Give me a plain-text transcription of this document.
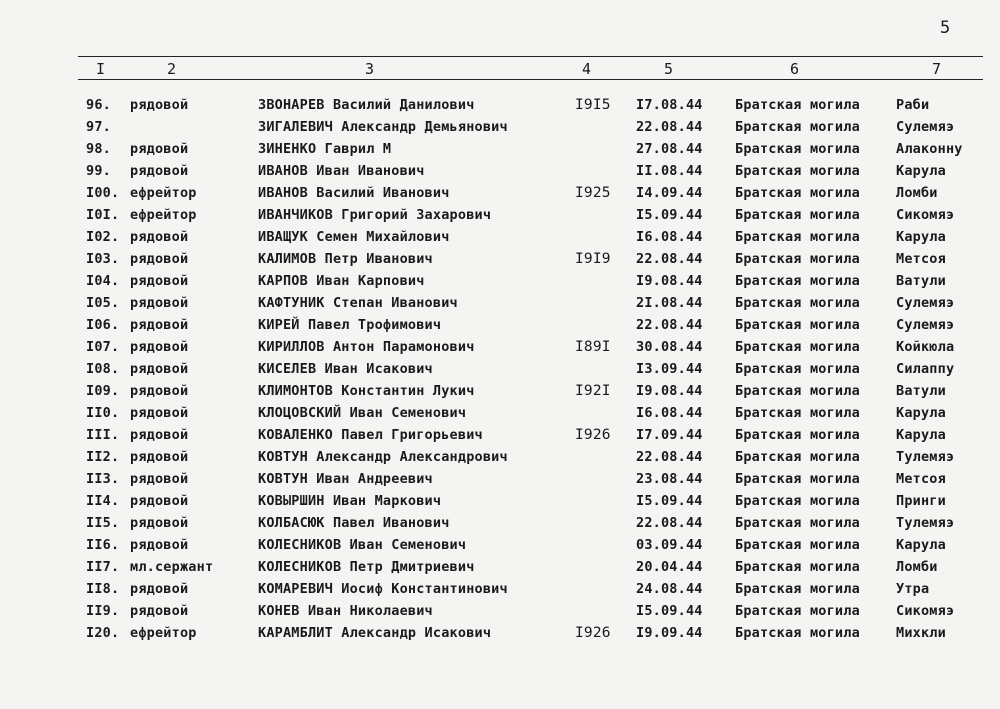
5
I	2	3	4	5	6	7
96. рядовой	ЗВОНАРЕВ Василий Данилович	I9I5 I7.08.44 Братская могила	Раби
97.	ЗИГАЛЕВИЧ Александр Демьянович	22.08.44 Братская могила	Сулемяэ
98. рядовой	ЗИНЕНКО Гаврил М	27.08.44 Братская могила	Алаконну
99. рядовой	ИВАНОВ Иван Иванович	II.08.44 Братская могила	Карула
I00. ефрейтор	ИВАНОВ Василий Иванович	I925 I4.09.44 Братская могила	Ломби
I0I. ефрейтор	ИВАНЧИКОВ Григорий Захарович	I5.09.44 Братская могила	Сикомяэ
I02. рядовой	ИВАЩУК Семен Михайлович	I6.08.44 Братская могила	Карула
I03. рядовой	КАЛИМОВ Петр Иванович	I9I9 22.08.44 Братская могила	Метсоя
I04. рядовой	КАРПОВ Иван Карпович	I9.08.44 Братская могила	Ватули
I05. рядовой	КАФТУНИК Степан Иванович	2I.08.44 Братская могила	Сулемяэ
I06. рядовой	КИРЕЙ Павел Трофимович	22.08.44 Братская могила	Сулемяэ
I07. рядовой	КИРИЛЛОВ Антон Парамонович	I89I 30.08.44 Братская могила	Койкюла
I08. рядовой	КИСЕЛЕВ Иван Исакович	I3.09.44 Братская могила	Силаппу
I09. рядовой	КЛИМОНТОВ Константин Лукич	I92I I9.08.44 Братская могила	Ватули
II0. рядовой	КЛОЦОВСКИЙ Иван Семенович	I6.08.44 Братская могила	Карула
III. рядовой	КОВАЛЕНКО Павел Григорьевич	I926 I7.09.44 Братская могила	Карула
II2. рядовой	КОВТУН Александр Александрович	22.08.44 Братская могила	Тулемяэ
II3. рядовой	КОВТУН Иван Андреевич	23.08.44 Братская могила	Метсоя
II4. рядовой	КОВЫРШИН Иван Маркович	I5.09.44 Братская могила	Принги
II5. рядовой	КОЛБАСЮК Павел Иванович	22.08.44 Братская могила	Тулемяэ
II6. рядовой	КОЛЕСНИКОВ Иван Семенович	03.09.44 Братская могила	Карула
II7. мл.сержант	КОЛЕСНИКОВ Петр Дмитриевич	20.04.44 Братская могила	Ломби
II8. рядовой	КОМАРЕВИЧ Иосиф Константинович	24.08.44 Братская могила	Утра
II9. рядовой	КОНЕВ Иван Николаевич	I5.09.44 Братская могила	Сикомяэ
I20. ефрейтор	КАРАМБЛИТ Александр Исакович	I926 I9.09.44 Братская могила	Михкли
